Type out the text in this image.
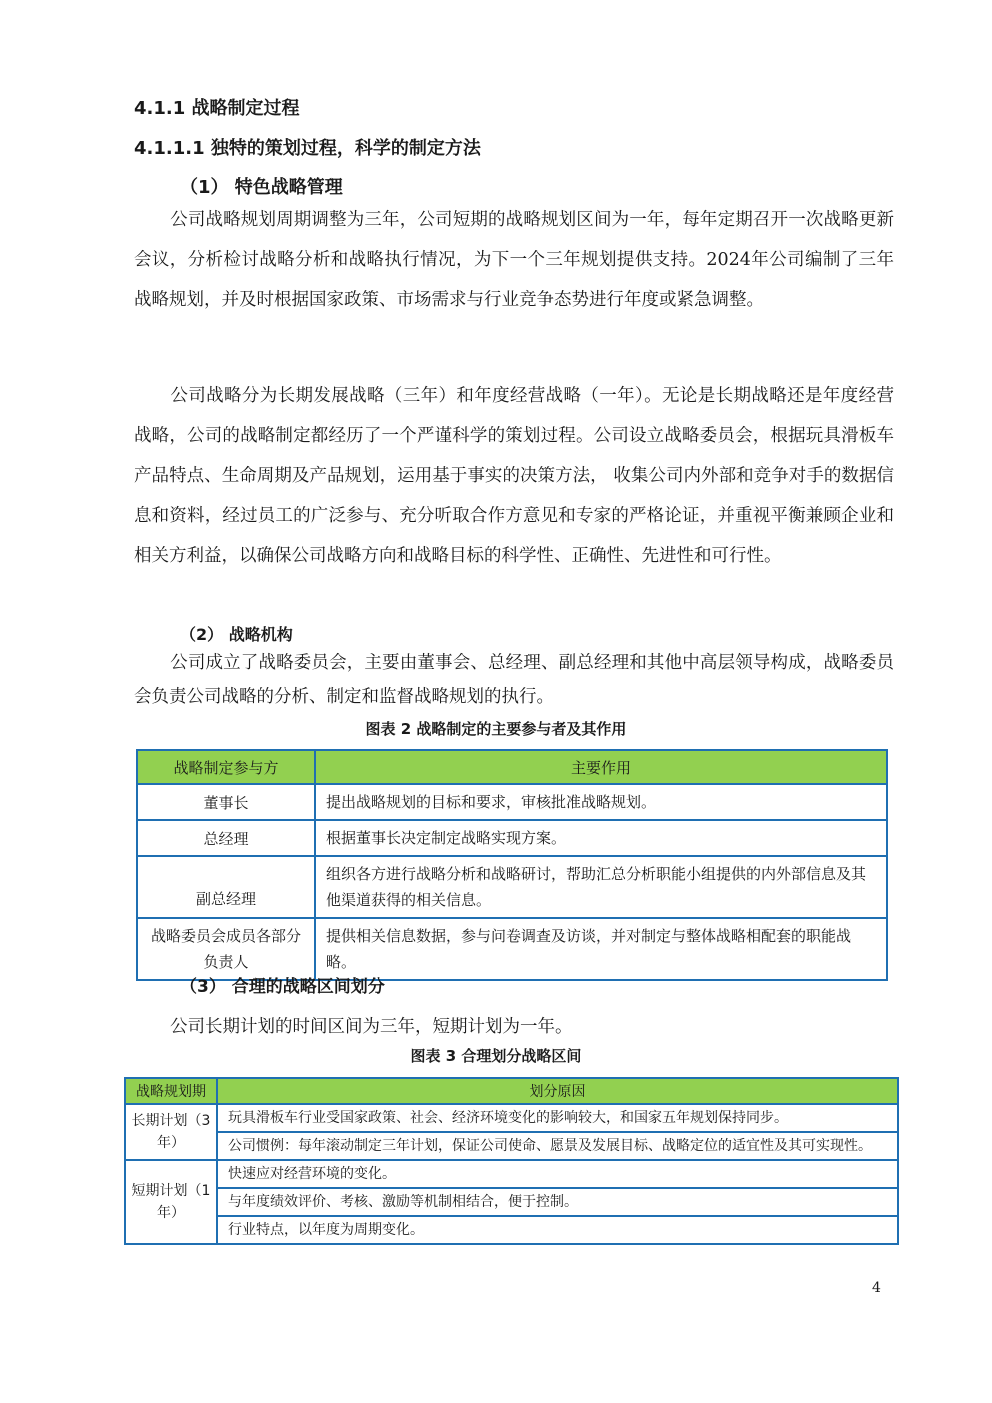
4.1.1 战略制定过程
4.1.1.1 独特的策划过程，科学的制定方法
（1） 特色战略管理
公司战略规划周期调整为三年，公司短期的战略规划区间为一年，每年定期召开一次战略更新会议，分析检讨战略分析和战略执行情况，为下一个三年规划提供支持。2024年公司编制了三年战略规划，并及时根据国家政策、市场需求与行业竞争态势进行年度或紧急调整。
公司战略分为长期发展战略（三年）和年度经营战略（一年）。无论是长期战略还是年度经营战略，公司的战略制定都经历了一个严谨科学的策划过程。公司设立战略委员会，根据玩具滑板车产品特点、生命周期及产品规划，运用基于事实的决策方法， 收集公司内外部和竞争对手的数据信息和资料，经过员工的广泛参与、充分听取合作方意见和专家的严格论证，并重视平衡兼顾企业和相关方利益，以确保公司战略方向和战略目标的科学性、正确性、先进性和可行性。
（2） 战略机构
公司成立了战略委员会，主要由董事会、总经理、副总经理和其他中高层领导构成，战略委员会负责公司战略的分析、制定和监督战略规划的执行。
图表 2 战略制定的主要参与者及其作用
战略制定参与方	主要作用
董事长	提出战略规划的目标和要求，审核批准战略规划。
总经理	根据董事长决定制定战略实现方案。
副总经理	组织各方进行战略分析和战略研讨，帮助汇总分析职能小组提供的内外部信息及其他渠道获得的相关信息。
战略委员会成员各部分负责人	提供相关信息数据，参与问卷调查及访谈，并对制定与整体战略相配套的职能战略。
（3） 合理的战略区间划分
公司长期计划的时间区间为三年，短期计划为一年。
图表 3 合理划分战略区间
战略规划期	划分原因
长期计划（3年）	玩具滑板车行业受国家政策、社会、经济环境变化的影响较大，和国家五年规划保持同步。
	公司惯例：每年滚动制定三年计划，保证公司使命、愿景及发展目标、战略定位的适宜性及其可实现性。
短期计划（1年）	快速应对经营环境的变化。
	与年度绩效评价、考核、激励等机制相结合，便于控制。
	行业特点，以年度为周期变化。
4
